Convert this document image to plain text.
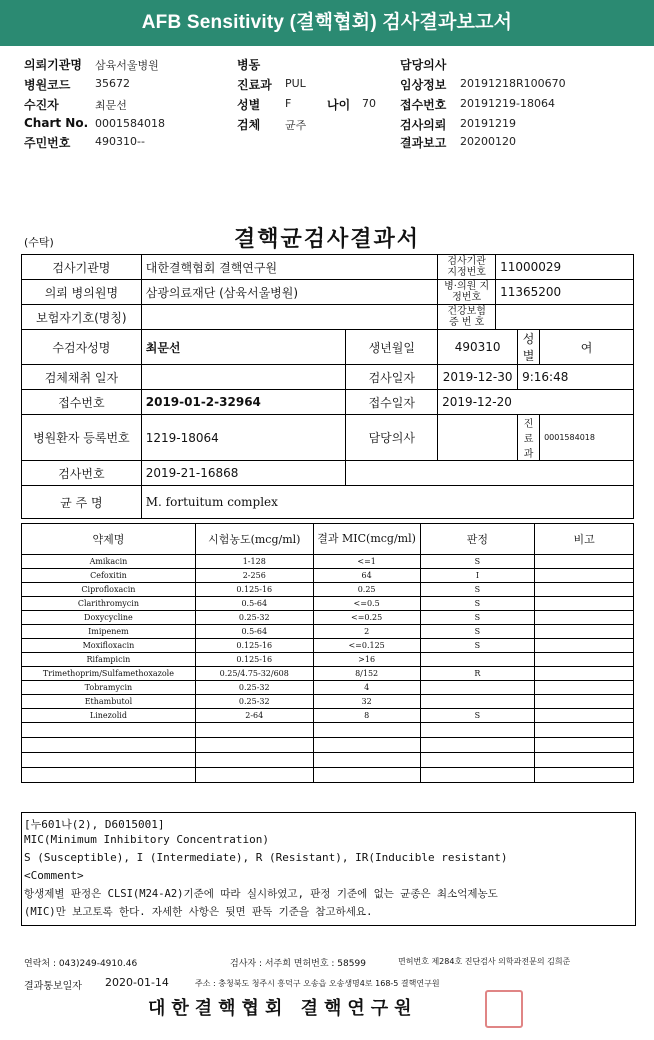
AFB Sensitivity (결핵협회) 검사결과보고서
의뢰기관명 삼육서울병원
병원코드 35672
수진자	최문선
Chart No. 0001584018
주민번호 490310--
병동
진료과 PUL
성별 F	나이 70
검체 균주
담당의사
임상정보 20191218R100670
접수번호 20191219-18064
검사의뢰 20191219
결과보고 20200120
(수탁)	결핵균검사결과서
검사기관명	대한결핵협회 결핵연구원		검사기관 지정번호	11000029		
의뢰 병의원명	삼광의료재단 (삼육서울병원)		병·의원 지정번호	11365200		
보험자기호(명칭)			건강보험 증 번 호			
수검자성명	최문선	생년월일	490310		성별	여
검체채취 일자		검사일자	2019-12-30		9:16:48	
접수번호	2019-01-2-32964	접수일자	2019-12-20			
병원환자 등록번호	1219-18064	담당의사			진료과	0001584018
검사번호	2019-21-16868					
균 주 명	M. fortuitum complex					
약제명	시험농도(mcg/ml)	결과 MIC(mcg/ml)	판정	비고
Amikacin	1-128	<=1	S	
Cefoxitin	2-256	64	I	
Ciprofloxacin	0.125-16	0.25	S	
Clarithromycin	0.5-64	<=0.5	S	
Doxycycline	0.25-32	<=0.25	S	
Imipenem	0.5-64	2	S	
Moxifloxacin	0.125-16	<=0.125	S	
Rifampicin	0.125-16	>16		
Trimethoprim/Sulfamethoxazole	0.25/4.75-32/608	8/152	R	
Tobramycin	0.25-32	4		
Ethambutol	0.25-32	32		
Linezolid	2-64	8	S	

[누601나(2), D6015001]
MIC(Minimum Inhibitory Concentration)
S (Susceptible), I (Intermediate), R (Resistant), IR(Inducible resistant)
<Comment>
항생제별 판정은 CLSI(M24-A2)기준에 따라 실시하였고, 판정 기준에 없는 균종은 최소억제농도
(MIC)만 보고토록 한다. 자세한 사항은 뒷면 판독 기준을 참고하세요.
연락처 : 043)249-4910.46	검사자 : 서주희 면허번호 : 58599	면허번호 제284호 진단검사 의학과전문의 김희준
결과통보일자 2020-01-14	주소 : 충청북도 청주시 흥덕구 오송읍 오송생명4로 168-5 결핵연구원
대한결핵협회 결핵연구원
